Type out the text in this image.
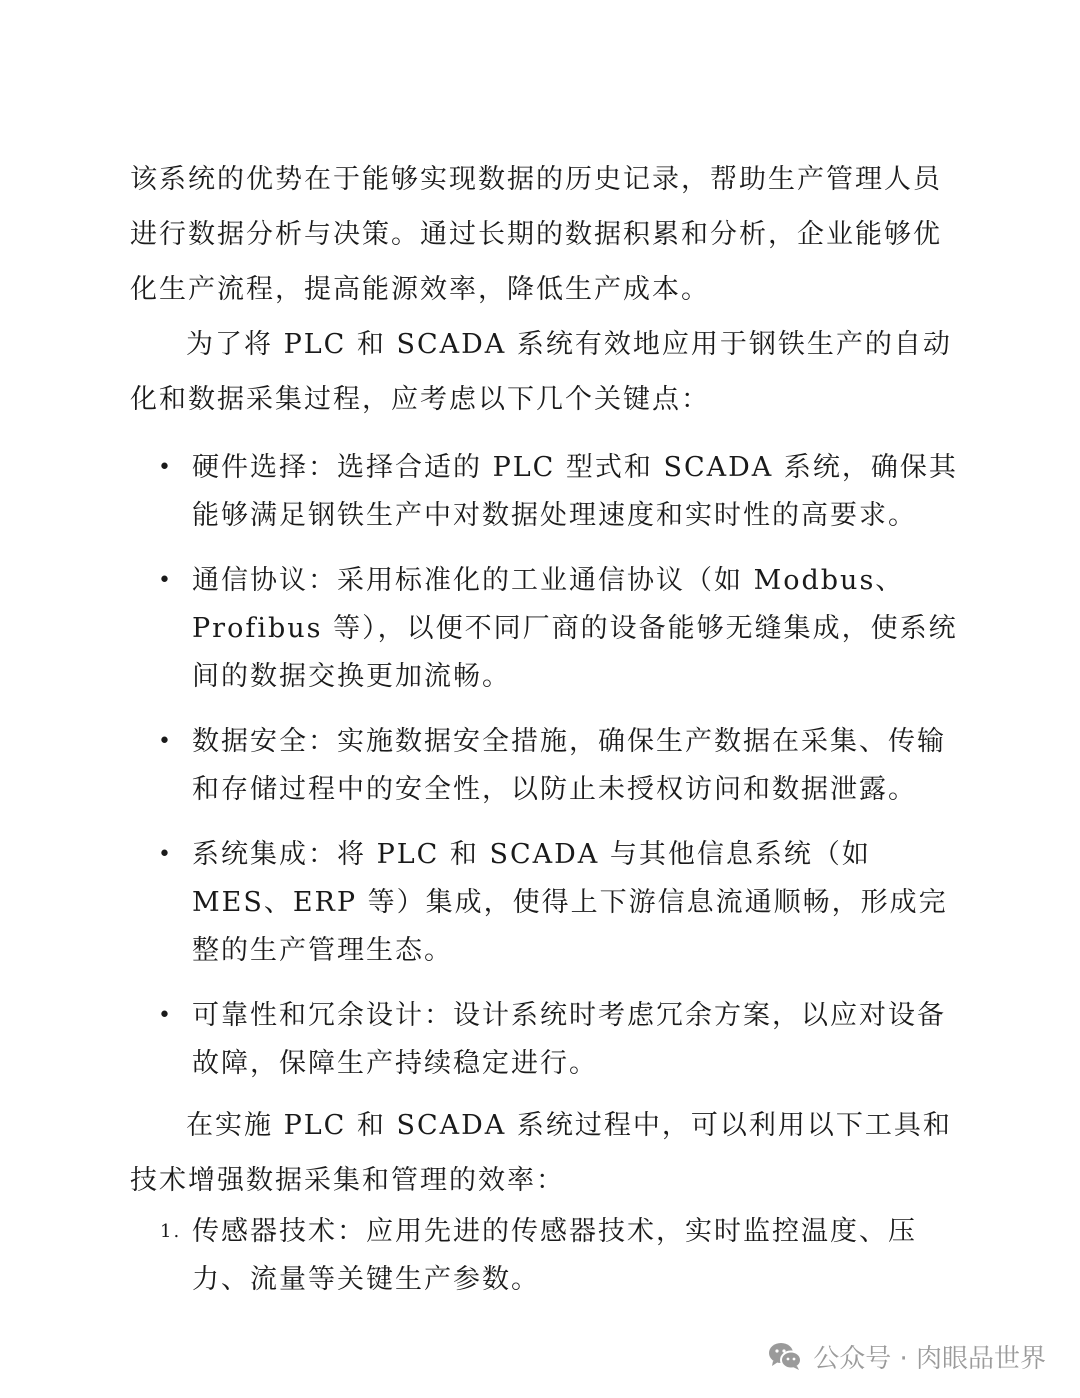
该系统的优势在于能够实现数据的历史记录，帮助生产管理人员进行数据分析与决策。通过长期的数据积累和分析，企业能够优化生产流程，提高能源效率，降低生产成本。

为了将 PLC 和 SCADA 系统有效地应用于钢铁生产的自动化和数据采集过程，应考虑以下几个关键点：

• 硬件选择：选择合适的 PLC 型式和 SCADA 系统，确保其能够满足钢铁生产中对数据处理速度和实时性的高要求。
• 通信协议：采用标准化的工业通信协议（如 Modbus、Profibus 等），以便不同厂商的设备能够无缝集成，使系统间的数据交换更加流畅。
• 数据安全：实施数据安全措施，确保生产数据在采集、传输和存储过程中的安全性，以防止未授权访问和数据泄露。
• 系统集成：将 PLC 和 SCADA 与其他信息系统（如 MES、ERP 等）集成，使得上下游信息流通顺畅，形成完整的生产管理生态。
• 可靠性和冗余设计：设计系统时考虑冗余方案，以应对设备故障，保障生产持续稳定进行。

在实施 PLC 和 SCADA 系统过程中，可以利用以下工具和技术增强数据采集和管理的效率：

1. 传感器技术：应用先进的传感器技术，实时监控温度、压力、流量等关键生产参数。
公众号 · 肉眼品世界
